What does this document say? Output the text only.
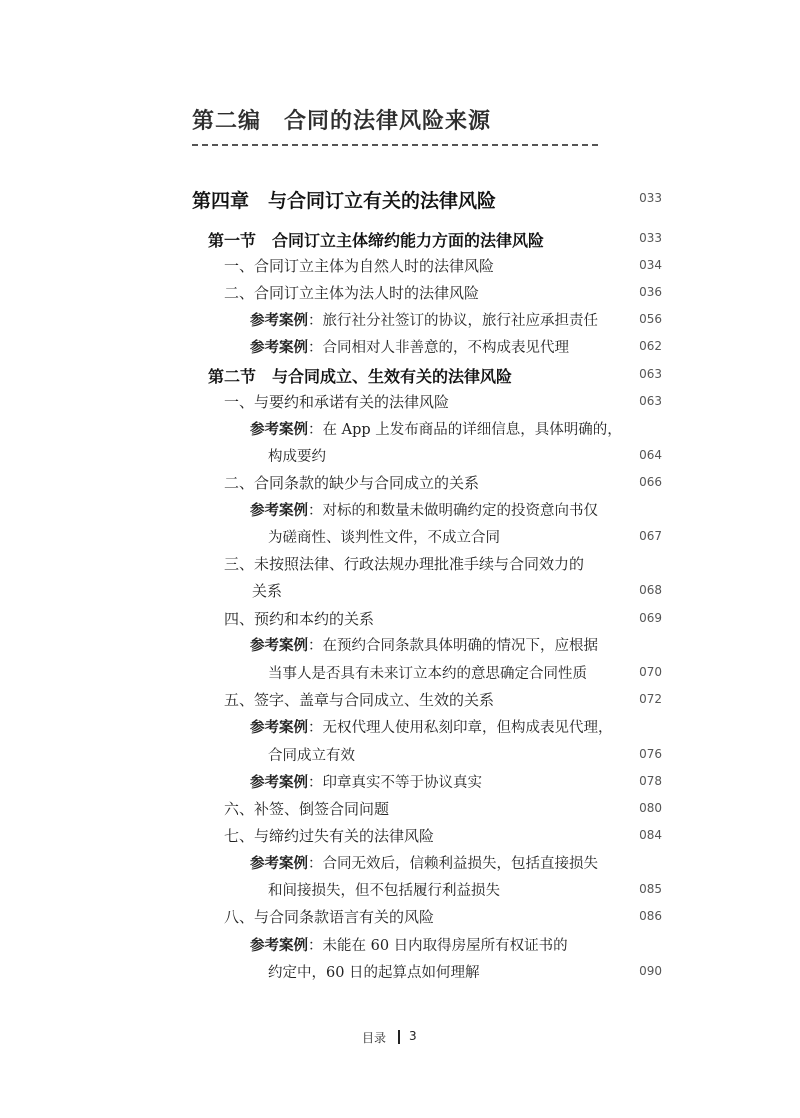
第二编　合同的法律风险来源
第四章　与合同订立有关的法律风险	033
第一节　合同订立主体缔约能力方面的法律风险	033
一、合同订立主体为自然人时的法律风险	034
二、合同订立主体为法人时的法律风险	036
参考案例：旅行社分社签订的协议，旅行社应承担责任	056
参考案例：合同相对人非善意的，不构成表见代理	062
第二节　与合同成立、生效有关的法律风险	063
一、与要约和承诺有关的法律风险	063
参考案例：在 App 上发布商品的详细信息，具体明确的，
构成要约	064
二、合同条款的缺少与合同成立的关系	066
参考案例：对标的和数量未做明确约定的投资意向书仅
为磋商性、谈判性文件，不成立合同	067
三、未按照法律、行政法规办理批准手续与合同效力的
关系	068
四、预约和本约的关系	069
参考案例：在预约合同条款具体明确的情况下，应根据
当事人是否具有未来订立本约的意思确定合同性质	070
五、签字、盖章与合同成立、生效的关系	072
参考案例：无权代理人使用私刻印章，但构成表见代理，
合同成立有效	076
参考案例：印章真实不等于协议真实	078
六、补签、倒签合同问题	080
七、与缔约过失有关的法律风险	084
参考案例：合同无效后，信赖利益损失，包括直接损失
和间接损失，但不包括履行利益损失	085
八、与合同条款语言有关的风险	086
参考案例：未能在 60 日内取得房屋所有权证书的
约定中，60 日的起算点如何理解	090
目录 3
